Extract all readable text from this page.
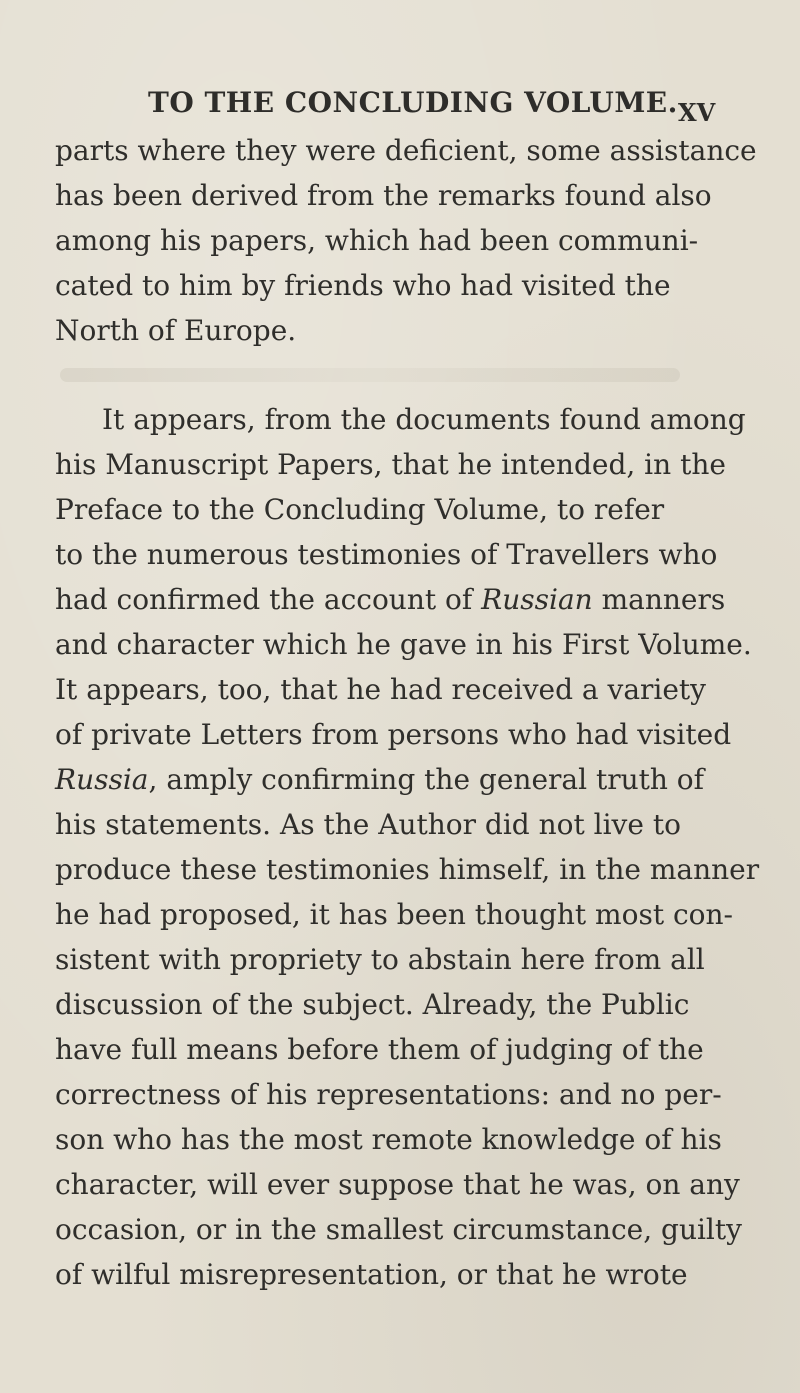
TO THE CONCLUDING VOLUME. XV
parts where they were deficient, some assistance
has been derived from the remarks found also
among his papers, which had been communi-
cated to him by friends who had visited the
North of Europe.
It appears, from the documents found among
his Manuscript Papers, that he intended, in the
Preface to the Concluding Volume, to refer
to the numerous testimonies of Travellers who
had confirmed the account of Russian manners
and character which he gave in his First Volume.
It appears, too, that he had received a variety
of private Letters from persons who had visited
Russia, amply confirming the general truth of
his statements. As the Author did not live to
produce these testimonies himself, in the manner
he had proposed, it has been thought most con-
sistent with propriety to abstain here from all
discussion of the subject. Already, the Public
have full means before them of judging of the
correctness of his representations: and no per-
son who has the most remote knowledge of his
character, will ever suppose that he was, on any
occasion, or in the smallest circumstance, guilty
of wilful misrepresentation, or that he wrote
